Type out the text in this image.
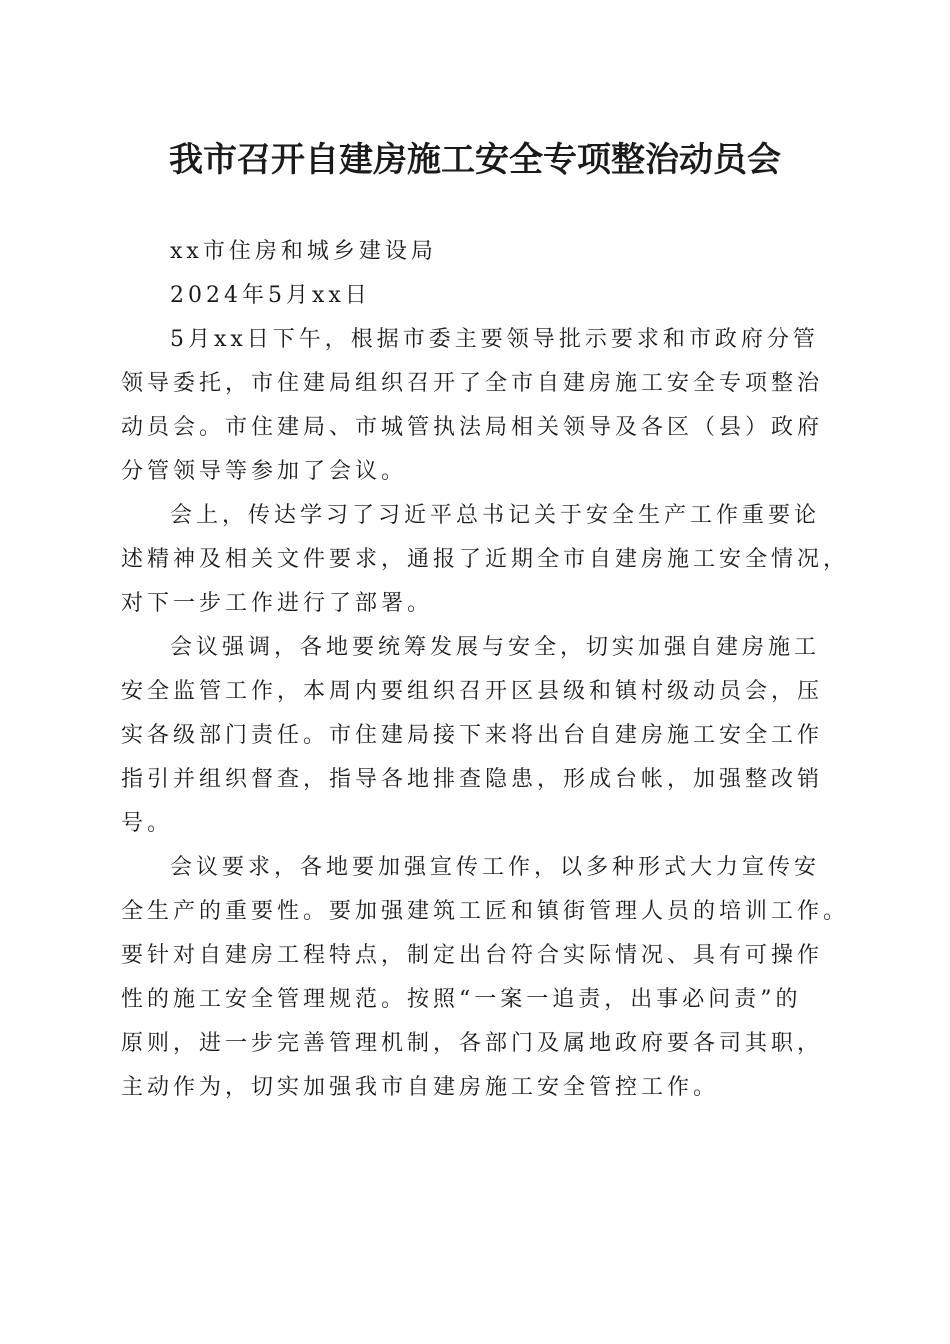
我市召开自建房施工安全专项整治动员会

xx市住房和城乡建设局

2024年5月xx日

5月xx日下午，根据市委主要领导批示要求和市政府分管

领导委托，市住建局组织召开了全市自建房施工安全专项整治

动员会。市住建局、市城管执法局相关领导及各区（县）政府

分管领导等参加了会议。

会上，传达学习了习近平总书记关于安全生产工作重要论

述精神及相关文件要求，通报了近期全市自建房施工安全情况，

对下一步工作进行了部署。

会议强调，各地要统筹发展与安全，切实加强自建房施工

安全监管工作，本周内要组织召开区县级和镇村级动员会，压

实各级部门责任。市住建局接下来将出台自建房施工安全工作

指引并组织督查，指导各地排查隐患，形成台帐，加强整改销

号。

会议要求，各地要加强宣传工作，以多种形式大力宣传安

全生产的重要性。要加强建筑工匠和镇街管理人员的培训工作。

要针对自建房工程特点，制定出台符合实际情况、具有可操作

性的施工安全管理规范。按照“一案一追责，出事必问责”的

原则，进一步完善管理机制，各部门及属地政府要各司其职，

主动作为，切实加强我市自建房施工安全管控工作。
